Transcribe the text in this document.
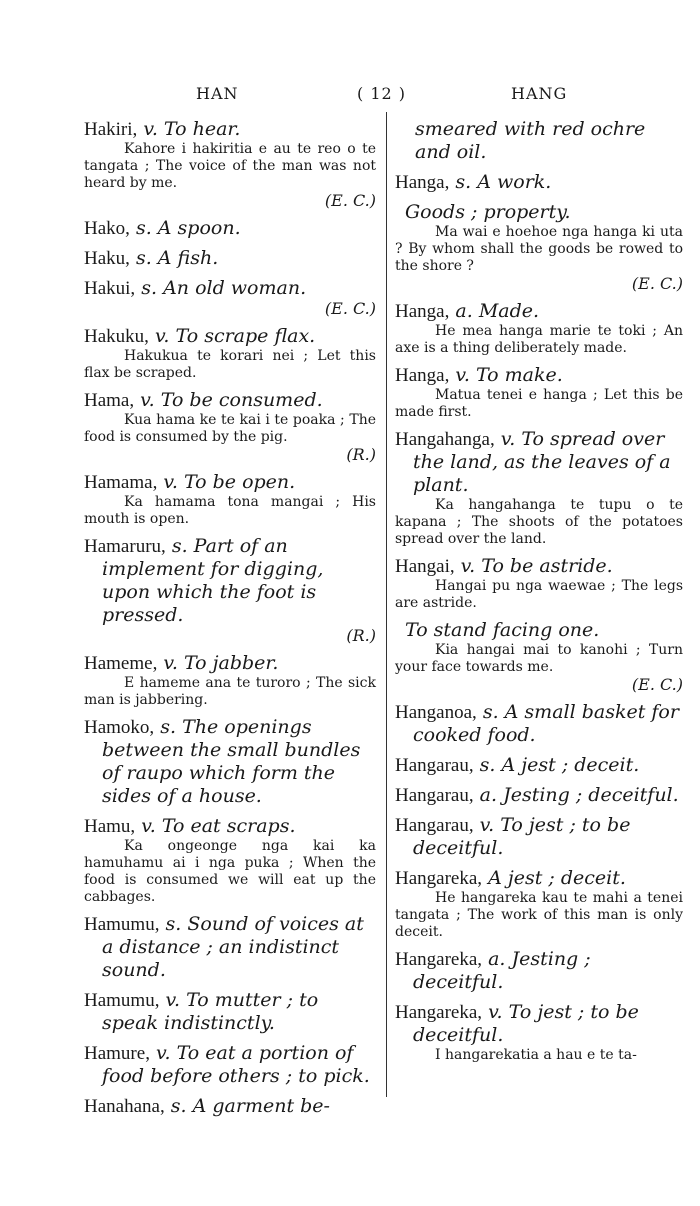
HAN	( 12 )	HANG
Hakiri, v. To hear.
Kahore i hakiritia e au te reo o te tangata ; The voice of the man was not heard by me.
(E. C.)
Hako, s. A spoon.
Haku, s. A fish.
Hakui, s. An old woman.
(E. C.)
Hakuku, v. To scrape flax.
Hakukua te korari nei ; Let this flax be scraped.
Hama, v. To be consumed.
Kua hama ke te kai i te poaka ; The food is consumed by the pig.
(R.)
Hamama, v. To be open.
Ka hamama tona mangai ; His mouth is open.
Hamaruru, s. Part of an implement for digging, upon which the foot is pressed.
(R.)
Hameme, v. To jabber.
E hameme ana te turoro ; The sick man is jabbering.
Hamoko, s. The openings between the small bundles of raupo which form the sides of a house.
Hamu, v. To eat scraps.
Ka ongeonge nga kai ka hamuhamu ai i nga puka ; When the food is consumed we will eat up the cabbages.
Hamumu, s. Sound of voices at a distance ; an indistinct sound.
Hamumu, v. To mutter ; to speak indistinctly.
Hamure, v. To eat a portion of food before others ; to pick.
Hanahana, s. A garment be-
smeared with red ochre and oil.
Hanga, s. A work.
Goods ; property.
Ma wai e hoehoe nga hanga ki uta ? By whom shall the goods be rowed to the shore ?
(E. C.)
Hanga, a. Made.
He mea hanga marie te toki ; An axe is a thing deliberately made.
Hanga, v. To make.
Matua tenei e hanga ; Let this be made first.
Hangahanga, v. To spread over the land, as the leaves of a plant.
Ka hangahanga te tupu o te kapana ; The shoots of the potatoes spread over the land.
Hangai, v. To be astride.
Hangai pu nga waewae ; The legs are astride.
To stand facing one.
Kia hangai mai to kanohi ; Turn your face towards me.
(E. C.)
Hanganoa, s. A small basket for cooked food.
Hangarau, s. A jest ; deceit.
Hangarau, a. Jesting ; deceitful.
Hangarau, v. To jest ; to be deceitful.
Hangareka, A jest ; deceit.
He hangareka kau te mahi a tenei tangata ; The work of this man is only deceit.
Hangareka, a. Jesting ; deceitful.
Hangareka, v. To jest ; to be deceitful.
I hangarekatia a hau e te ta-
